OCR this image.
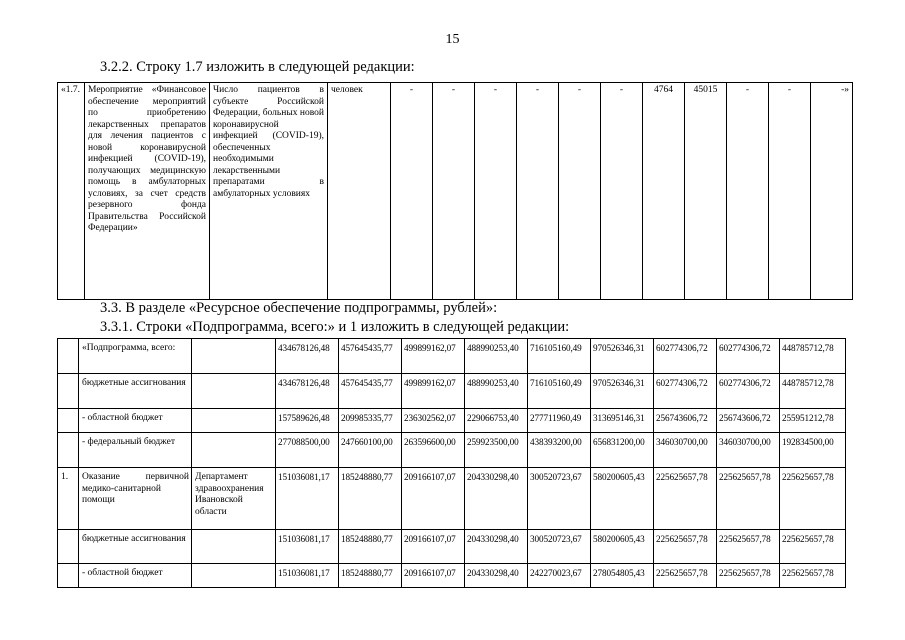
15
3.2.2. Строку 1.7 изложить в следующей редакции:
«1.7.	Мероприятие «Финансовое обеспечение мероприятий по приобретению лекарственных препаратов для лечения пациентов с новой коронавирусной инфекцией (COVID-19), получающих медицинскую помощь в амбулаторных условиях, за счет средств резервного фонда Правительства Российской Федерации»	Число пациентов в субъекте Российской Федерации, больных новой коронавирусной инфекцией (COVID-19), обеспеченных необходимыми лекарственными препаратами в амбулаторных условиях	человек	-	-	-	-	-	-	4764	45015	-	-	-»
3.3. В разделе «Ресурсное обеспечение подпрограммы, рублей»:
3.3.1. Строки «Подпрограмма, всего:» и 1 изложить в следующей редакции:
	«Подпрограмма, всего:		434678126,48	457645435,77	499899162,07	488990253,40	716105160,49	970526346,31	602774306,72	602774306,72	448785712,78
	бюджетные ассигнования		434678126,48	457645435,77	499899162,07	488990253,40	716105160,49	970526346,31	602774306,72	602774306,72	448785712,78
	- областной бюджет		157589626,48	209985335,77	236302562,07	229066753,40	277711960,49	313695146,31	256743606,72	256743606,72	255951212,78
	- федеральный бюджет		277088500,00	247660100,00	263596600,00	259923500,00	438393200,00	656831200,00	346030700,00	346030700,00	192834500,00
1.	Оказание первичной медико-санитарной помощи	Департамент здравоохранения Ивановской области	151036081,17	185248880,77	209166107,07	204330298,40	300520723,67	580200605,43	225625657,78	225625657,78	225625657,78
	бюджетные ассигнования		151036081,17	185248880,77	209166107,07	204330298,40	300520723,67	580200605,43	225625657,78	225625657,78	225625657,78
	- областной бюджет		151036081,17	185248880,77	209166107,07	204330298,40	242270023,67	278054805,43	225625657,78	225625657,78	225625657,78
